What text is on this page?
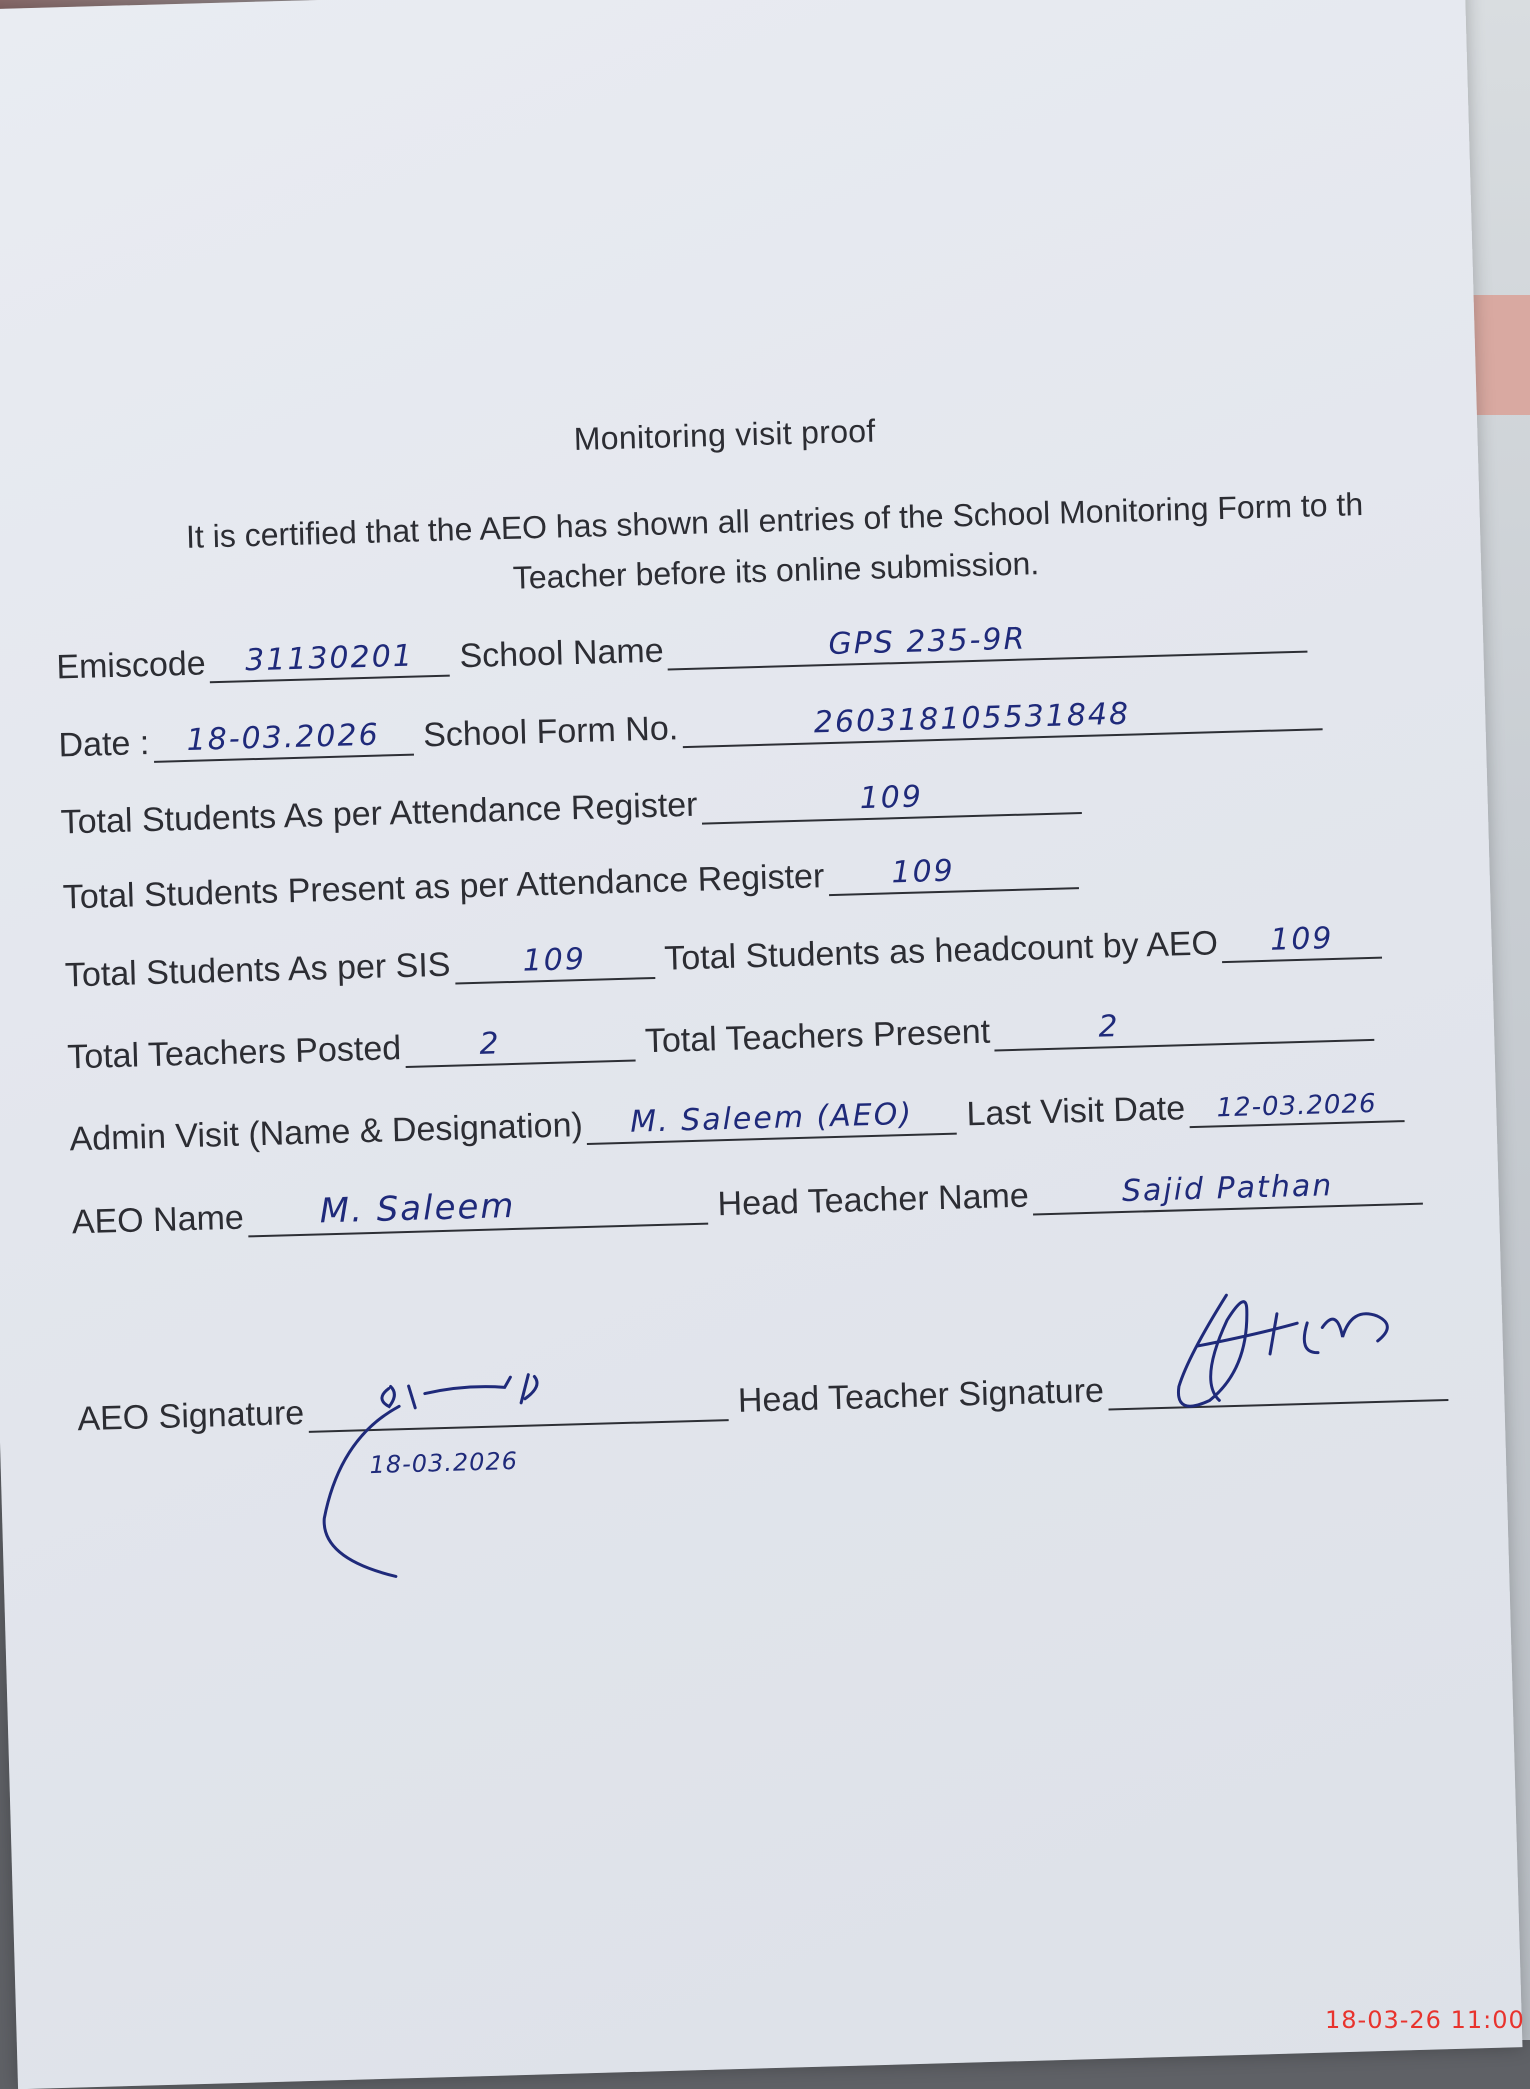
Monitoring visit proof
It is certified that the AEO has shown all entries of the School Monitoring Form to th
Teacher before its online submission.
Emiscode	31130201	School Name	GPS 235-9R
Date :	18-03.2026	School Form No.	260318105531848
Total Students As per Attendance Register	109
Total Students Present as per Attendance Register	109
Total Students As per SIS	109	Total Students as headcount by AEO	109
Total Teachers Posted	2	Total Teachers Present	2
Admin Visit (Name & Designation)	M. Saleem (AEO)	Last Visit Date	12-03.2026
AEO Name	M. Saleem	Head Teacher Name	Sajid Pathan
AEO Signature
18-03.2026
Head Teacher Signature
18-03-26 11:00
